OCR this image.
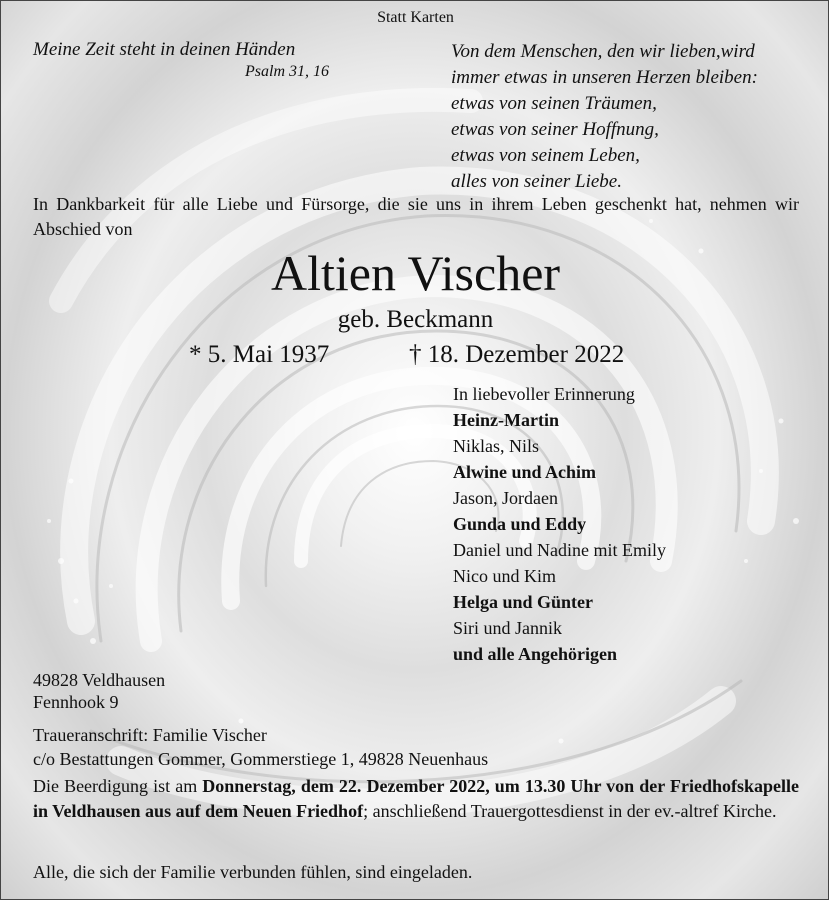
Statt Karten

Meine Zeit steht in deinen Händen

Psalm 31, 16

Von dem Menschen, den wir lieben,wird
immer etwas in unseren Herzen bleiben:
etwas von seinen Träumen,
etwas von seiner Hoffnung,
etwas von seinem Leben,
alles von seiner Liebe.

In Dankbarkeit für alle Liebe und Fürsorge, die sie uns in ihrem Leben geschenkt hat, nehmen wir Abschied von

Altien Vischer

geb. Beckmann

* 5. Mai 1937	† 18. Dezember 2022

In liebevoller Erinnerung
Heinz-Martin
Niklas, Nils
Alwine und Achim
Jason, Jordaen
Gunda und Eddy
Daniel und Nadine mit Emily
Nico und Kim
Helga und Günter
Siri und Jannik
und alle Angehörigen
49828 Veldhausen
Fennhook 9
Traueranschrift: Familie Vischer
c/o Bestattungen Gommer, Gommerstiege 1, 49828 Neuenhaus

Die Beerdigung ist am Donnerstag, dem 22. Dezember 2022, um 13.30 Uhr von der Friedhofskapelle in Veldhausen aus auf dem Neuen Friedhof; anschließend Trauergottesdienst in der ev.-altref Kirche.

Alle, die sich der Familie verbunden fühlen, sind eingeladen.
